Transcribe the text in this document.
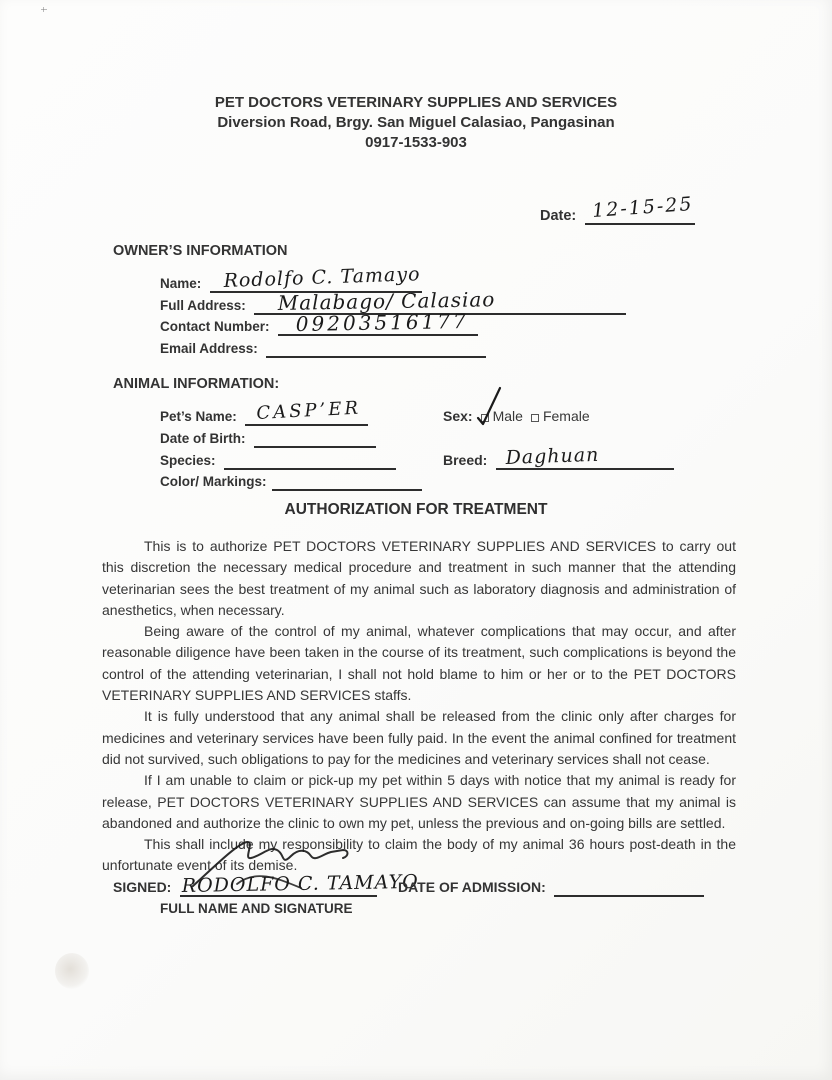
PET DOCTORS VETERINARY SUPPLIES AND SERVICES
Diversion Road, Brgy. San Miguel Calasiao, Pangasinan
0917-1533-903
Date: 12-15-25
OWNER’S INFORMATION
Name: Rodolfo C. Tamayo
Full Address: Malabago/ Calasiao
Contact Number: 09203516177
Email Address:
ANIMAL INFORMATION:
Pet’s Name: CASP’ER
Date of Birth:
Species:
Color/ Markings:
Sex: Male Female
Breed: Daghuan
AUTHORIZATION FOR TREATMENT

This is to authorize PET DOCTORS VETERINARY SUPPLIES AND SERVICES to carry out this discretion the necessary medical procedure and treatment in such manner that the attending veterinarian sees the best treatment of my animal such as laboratory diagnosis and administration of anesthetics, when necessary.

Being aware of the control of my animal, whatever complications that may occur, and after reasonable diligence have been taken in the course of its treatment, such complications is beyond the control of the attending veterinarian, I shall not hold blame to him or her or to the PET DOCTORS VETERINARY SUPPLIES AND SERVICES staffs.

It is fully understood that any animal shall be released from the clinic only after charges for medicines and veterinary services have been fully paid. In the event the animal confined for treatment did not survived, such obligations to pay for the medicines and veterinary services shall not cease.

If I am unable to claim or pick-up my pet within 5 days with notice that my animal is ready for release, PET DOCTORS VETERINARY SUPPLIES AND SERVICES can assume that my animal is abandoned and authorize the clinic to own my pet, unless the previous and on-going bills are settled.

This shall include my responsibility to claim the body of my animal 36 hours post-death in the unfortunate event of its demise.

SIGNED: RODOLFO C. TAMAYO
FULL NAME AND SIGNATURE
DATE OF ADMISSION:
